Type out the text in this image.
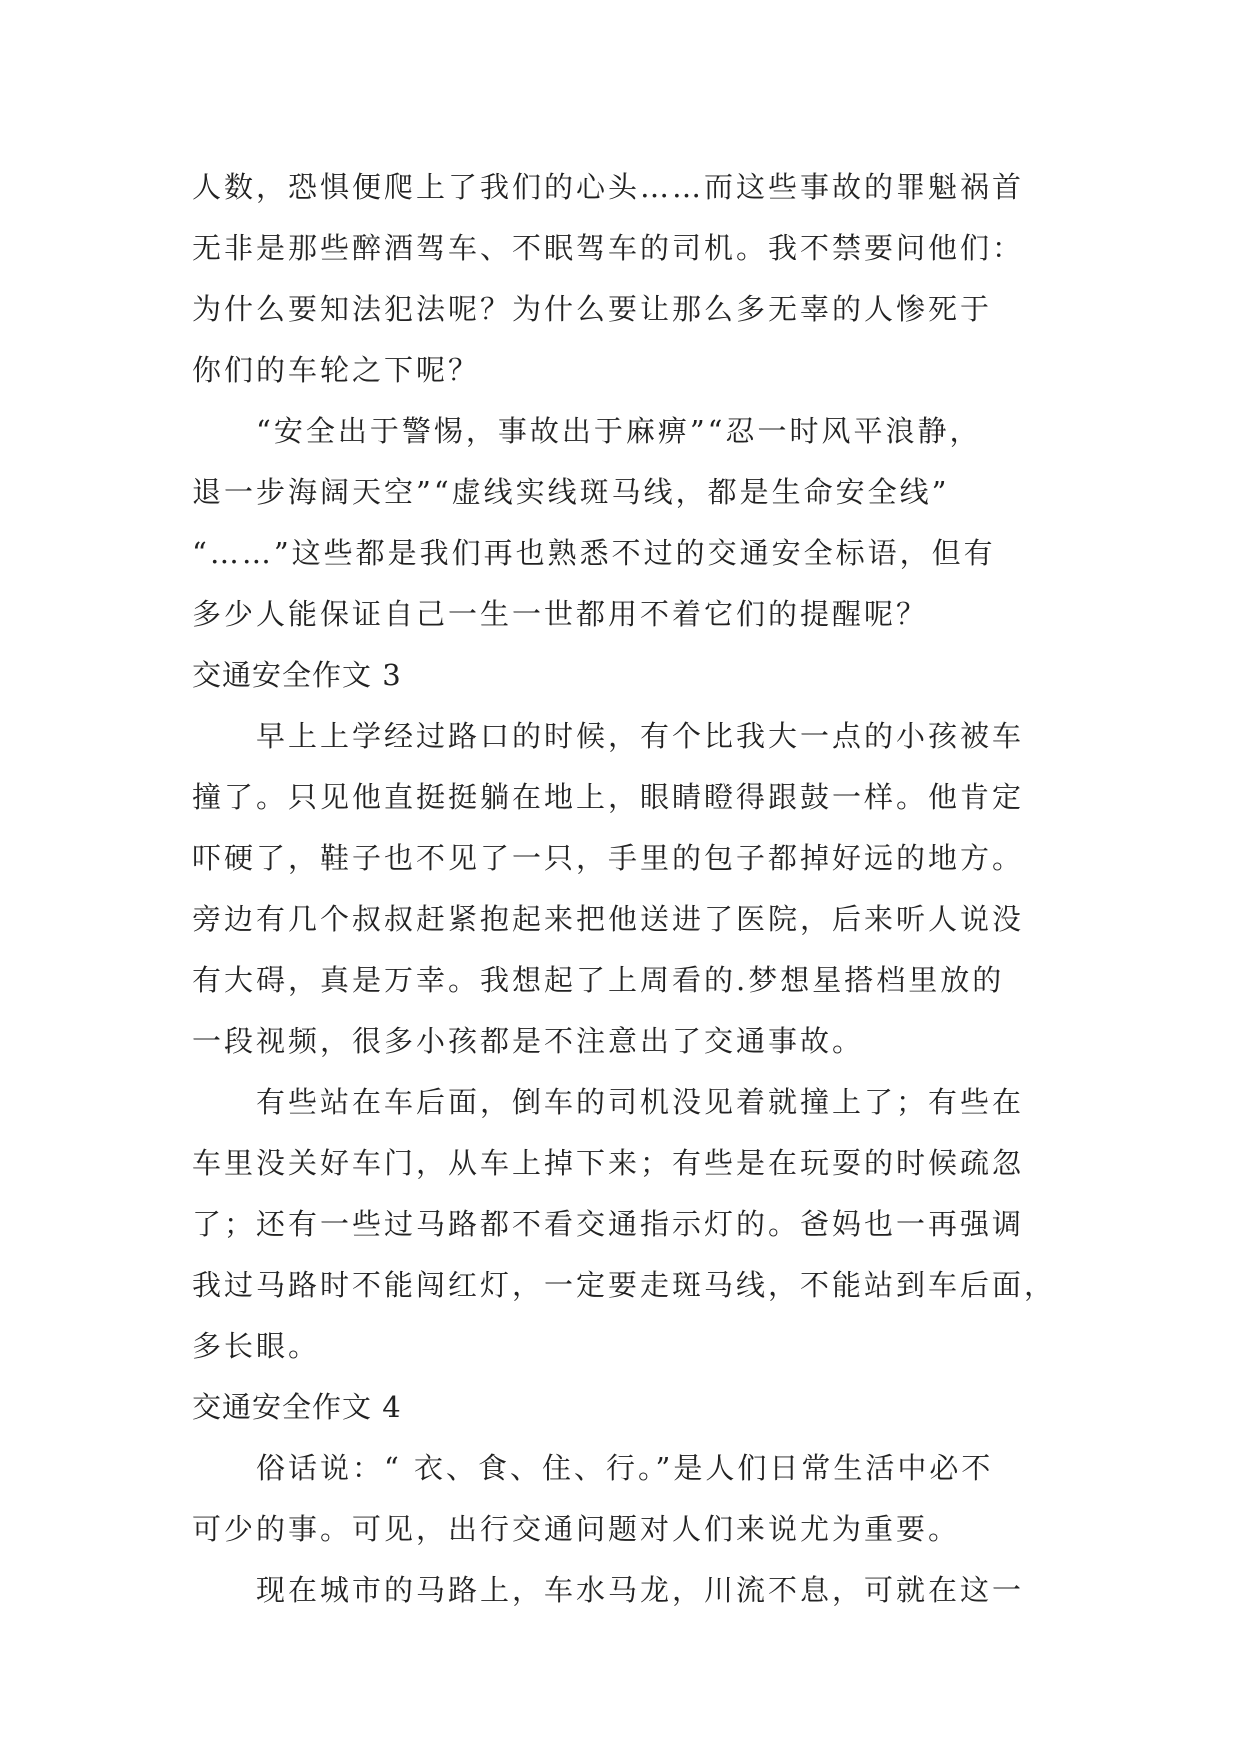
人数，恐惧便爬上了我们的心头……而这些事故的罪魁祸首
无非是那些醉酒驾车、不眠驾车的司机。我不禁要问他们：
为什么要知法犯法呢？为什么要让那么多无辜的人惨死于
你们的车轮之下呢？
“安全出于警惕，事故出于麻痹”“忍一时风平浪静，
退一步海阔天空”“虚线实线斑马线，都是生命安全线”
“……”这些都是我们再也熟悉不过的交通安全标语，但有
多少人能保证自己一生一世都用不着它们的提醒呢？
交通安全作文 3
早上上学经过路口的时候，有个比我大一点的小孩被车
撞了。只见他直挺挺躺在地上，眼睛瞪得跟鼓一样。他肯定
吓硬了，鞋子也不见了一只，手里的包子都掉好远的地方。
旁边有几个叔叔赶紧抱起来把他送进了医院，后来听人说没
有大碍，真是万幸。我想起了上周看的.梦想星搭档里放的
一段视频，很多小孩都是不注意出了交通事故。
有些站在车后面，倒车的司机没见着就撞上了；有些在
车里没关好车门，从车上掉下来；有些是在玩耍的时候疏忽
了；还有一些过马路都不看交通指示灯的。爸妈也一再强调
我过马路时不能闯红灯，一定要走斑马线，不能站到车后面，
多长眼。
交通安全作文 4
俗话说：“ 衣、食、住、行。”是人们日常生活中必不
可少的事。可见，出行交通问题对人们来说尤为重要。
现在城市的马路上，车水马龙，川流不息，可就在这一
